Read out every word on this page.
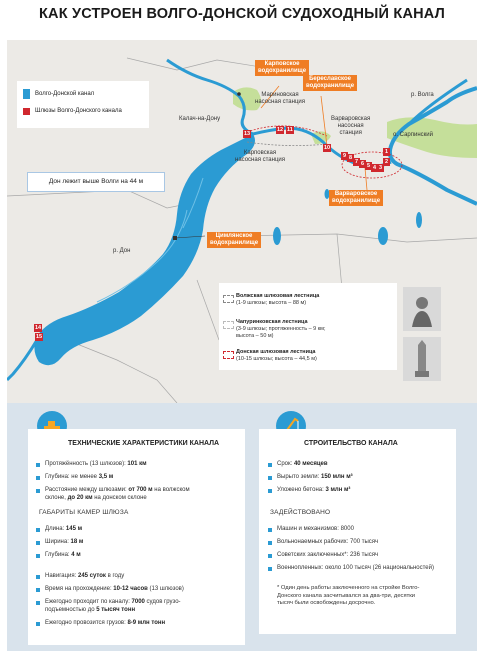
КАК УСТРОЕН ВОЛГО-ДОНСКОЙ СУДОХОДНЫЙ КАНАЛ
Карповское
водохранилище
Береславское
водохранилище
Варваровское
водохранилище
Цимлянское
водохранилище
Калач-на-Дону
Мариновская
насосная станция
Карповская
насосная станция
Варваровская
насосная
станция	о. Сарпинский
р. Волга
р. Дон
1
2
3
4
5
6
7
8
9
10
11
12
13
14
15
Волго-Донской канал
Шлюзы Волго-Донского канала
Дон лежит выше Волги на 44 м
Волжская шлюзовая лестница
(1-9 шлюзы; высота – 88 м)
Чапуринковская лестница
(3-9 шлюзы; протяженность – 9 км;
высота – 50 м)
Донская шлюзовая лестница
(10-15 шлюзы; высота – 44,5 м)
ТЕХНИЧЕСКИЕ ХАРАКТЕРИСТИКИ КАНАЛА
Протяжённость (13 шлюзов): 101 км
Глубина: не менее 3,5 м
Расстояние между шлюзами: от 700 м на волжском
склоне, до 20 км на донском склоне
ГАБАРИТЫ КАМЕР ШЛЮЗА
Длина: 145 м
Ширина: 18 м
Глубина: 4 м
Навигация: 245 суток в году
Время на прохождение: 10-12 часов (13 шлюзов)
Ежегодно проходит по каналу: 7000 судов грузо-
подъемностью до 5 тысяч тонн
Ежегодно провозится грузов: 8-9 млн тонн
СТРОИТЕЛЬСТВО КАНАЛА
Срок: 40 месяцев
Вырыто земли: 150 млн м³
Уложено бетона: 3 млн м³
ЗАДЕЙСТВОВАНО
Машин и механизмов: 8000
Вольнонаемных рабочих: 700 тысяч
Советских заключенных*: 236 тысяч
Военнопленных: около 100 тысяч (26 национальностей)
* Один день работы заключенного на стройке Волго-
Донского канала засчитывался за два-три, десятки
тысяч были освобождены досрочно.
